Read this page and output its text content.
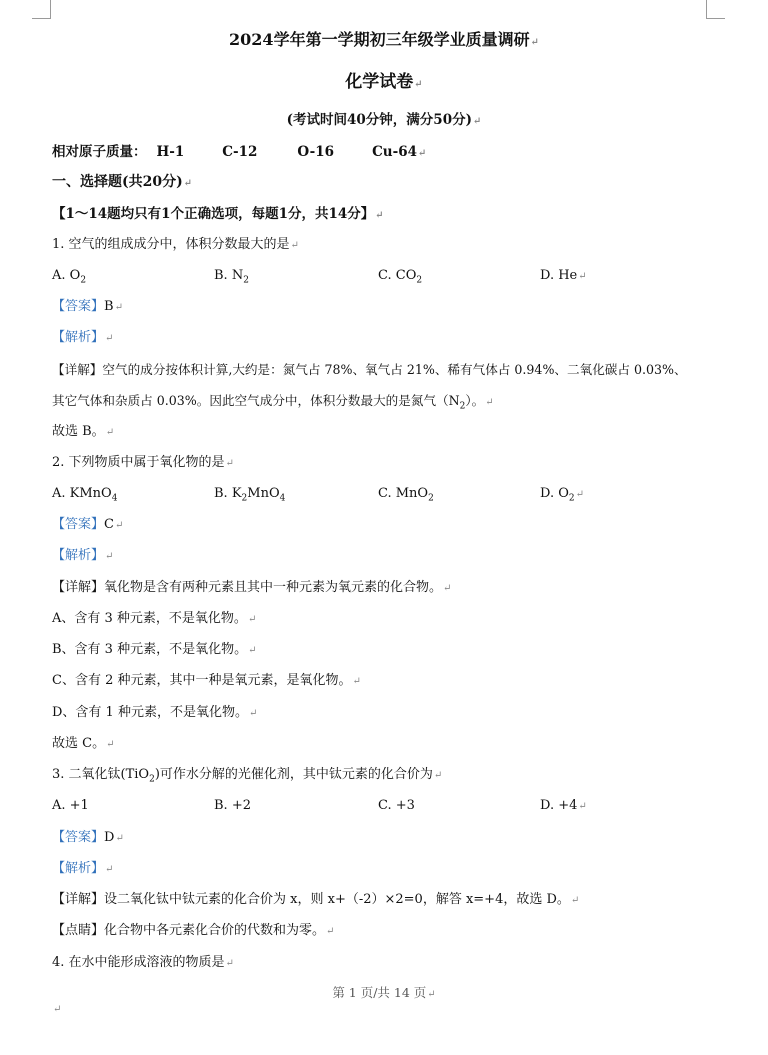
2024学年第一学期初三年级学业质量调研↵
化学试卷↵
(考试时间40分钟，满分50分)↵
相对原子质量： H-1	C-12	O-16	Cu-64↵
一、选择题(共20分)↵
【1～14题均只有1个正确选项，每题1分，共14分】↵
1. 空气的组成成分中，体积分数最大的是↵
A. $O_2$	B. $N_2$	C. $CO_2$	D. He↵
【答案】B↵
【解析】↵
【详解】空气的成分按体积计算,大约是：氮气占 78%、氧气占 21%、稀有气体占 0.94%、二氧化碳占 0.03%、
其它气体和杂质占 0.03%。因此空气成分中，体积分数最大的是氮气$(N_2)$。↵
故选 B。↵
2. 下列物质中属于氧化物的是↵
A. KMnO$_4$	B. $K_2MnO_4$	C. MnO$_2$	D. $O_2↵$
【答案】C↵
【解析】↵
【详解】氧化物是含有两种元素且其中一种元素为氧元素的化合物。↵
A、含有 3 种元素，不是氧化物。↵
B、含有 3 种元素，不是氧化物。↵
C、含有 2 种元素，其中一种是氧元素，是氧化物。↵
D、含有 1 种元素，不是氧化物。↵
故选 C。↵
3. 二氧化钛(TiO$_2$)可作水分解的光催化剂，其中钛元素的化合价为↵
A. +1	B. +2	C. +3	D. +4↵
【答案】D↵
【解析】↵
【详解】设二氧化钛中钛元素的化合价为 x，则 x+（-2）×2=0，解答 x=+4，故选 D。↵
【点睛】化合物中各元素化合价的代数和为零。↵
4. 在水中能形成溶液的物质是↵
第 1 页/共 14 页↵
↵
